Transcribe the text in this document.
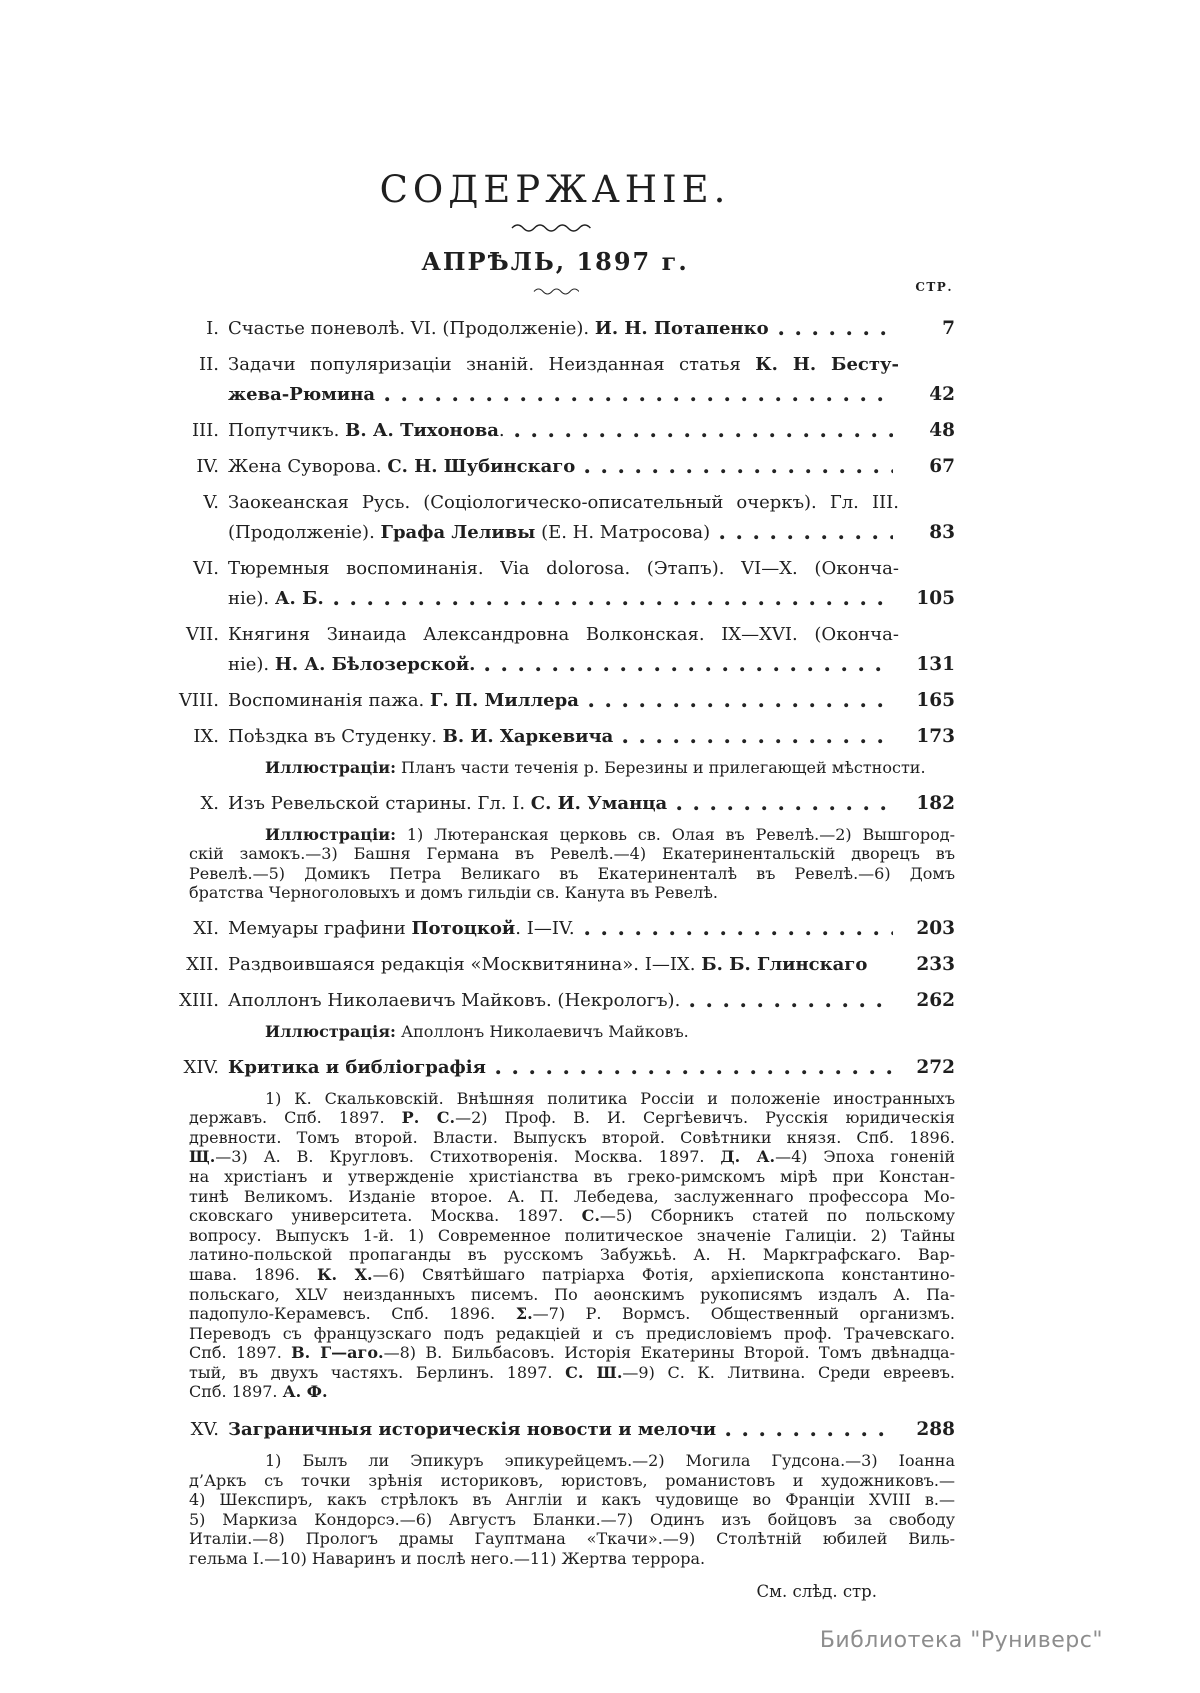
СОДЕРЖАНІЕ.
АПРѢЛЬ, 1897 г.
СТР.
I. Счастье поневолѣ. VI. (Продолженіе). И. Н. Потапенко	7
II. Задачи популяризаціи знаній. Неизданная статья К. Н. Бесту-
жева-Рюмина	42
III. Попутчикъ. В. А. Тихонова.	48
IV. Жена Суворова. С. Н. Шубинскаго	67
V. Заокеанская Русь. (Соціологическо-описательный очеркъ). Гл. III.
(Продолженіе). Графа Леливы (Е. Н. Матросова)	83
VI. Тюремныя воспоминанія. Via dolorosa. (Этапъ). VI—X. (Оконча-
ніе). А. Б.	105
VII. Княгиня Зинаида Александровна Волконская. IX—XVI. (Оконча-
ніе). Н. А. Бѣлозерской.	131
VIII. Воспоминанія пажа. Г. П. Миллера	165
IX. Поѣздка въ Студенку. В. И. Харкевича	173
Иллюстраціи: Планъ части теченія р. Березины и прилегающей мѣстности.
X. Изъ Ревельской старины. Гл. I. С. И. Уманца	182
Иллюстраціи: 1) Лютеранская церковь св. Олая въ Ревелѣ.—2) Вышгород-
скій замокъ.—3) Башня Германа въ Ревелѣ.—4) Екатеринентальскій дворецъ въ
Ревелѣ.—5) Домикъ Петра Великаго въ Екатериненталѣ въ Ревелѣ.—6) Домъ
братства Черноголовыхъ и домъ гильдіи св. Канута въ Ревелѣ.
XI. Мемуары графини Потоцкой. I—IV.	203
XII. Раздвоившаяся редакція «Москвитянина». I—IX. Б. Б. Глинскаго	233
XIII. Аполлонъ Николаевичъ Майковъ. (Некрологъ).	262
Иллюстрація: Аполлонъ Николаевичъ Майковъ.
XIV. Критика и библіографія	272
1) К. Скальковскій. Внѣшняя политика Россіи и положеніе иностранныхъ
державъ. Спб. 1897. Р. С.—2) Проф. В. И. Сергѣевичъ. Русскія юридическія
древности. Томъ второй. Власти. Выпускъ второй. Совѣтники князя. Спб. 1896.
Щ.—3) А. В. Кругловъ. Стихотворенія. Москва. 1897. Д. А.—4) Эпоха гоненій
на христіанъ и утвержденіе христіанства въ греко-римскомъ мірѣ при Констан-
тинѣ Великомъ. Изданіе второе. А. П. Лебедева, заслуженнаго профессора Мо-
сковскаго университета. Москва. 1897. С.—5) Сборникъ статей по польскому
вопросу. Выпускъ 1-й. 1) Современное политическое значеніе Галиціи. 2) Тайны
латино-польской пропаганды въ русскомъ Забужьѣ. А. Н. Маркграфскаго. Вар-
шава. 1896. К. Х.—6) Святѣйшаго патріарха Фотія, архіепископа константино-
польскаго, XLV неизданныхъ писемъ. По аѳонскимъ рукописямъ издалъ А. Па-
падопуло-Керамевсъ. Спб. 1896. Σ.—7) Р. Вормсъ. Общественный организмъ.
Переводъ съ французскаго подъ редакціей и съ предисловіемъ проф. Трачевскаго.
Спб. 1897. В. Г—аго.—8) В. Бильбасовъ. Исторія Екатерины Второй. Томъ двѣнадца-
тый, въ двухъ частяхъ. Берлинъ. 1897. С. Ш.—9) С. К. Литвина. Среди евреевъ.
Спб. 1897. А. Ф.
XV. Заграничныя историческія новости и мелочи	288
1) Былъ ли Эпикуръ эпикурейцемъ.—2) Могила Гудсона.—3) Іоанна
д’Аркъ съ точки зрѣнія историковъ, юристовъ, романистовъ и художниковъ.—
4) Шекспиръ, какъ стрѣлокъ въ Англіи и какъ чудовище во Франціи XVIII в.—
5) Маркиза Кондорсэ.—6) Августъ Бланки.—7) Одинъ изъ бойцовъ за свободу
Италіи.—8) Прологъ драмы Гауптмана «Ткачи».—9) Столѣтній юбилей Виль-
гельма I.—10) Наваринъ и послѣ него.—11) Жертва террора.
См. слѣд. стр.
Библиотека "Руниверс"
